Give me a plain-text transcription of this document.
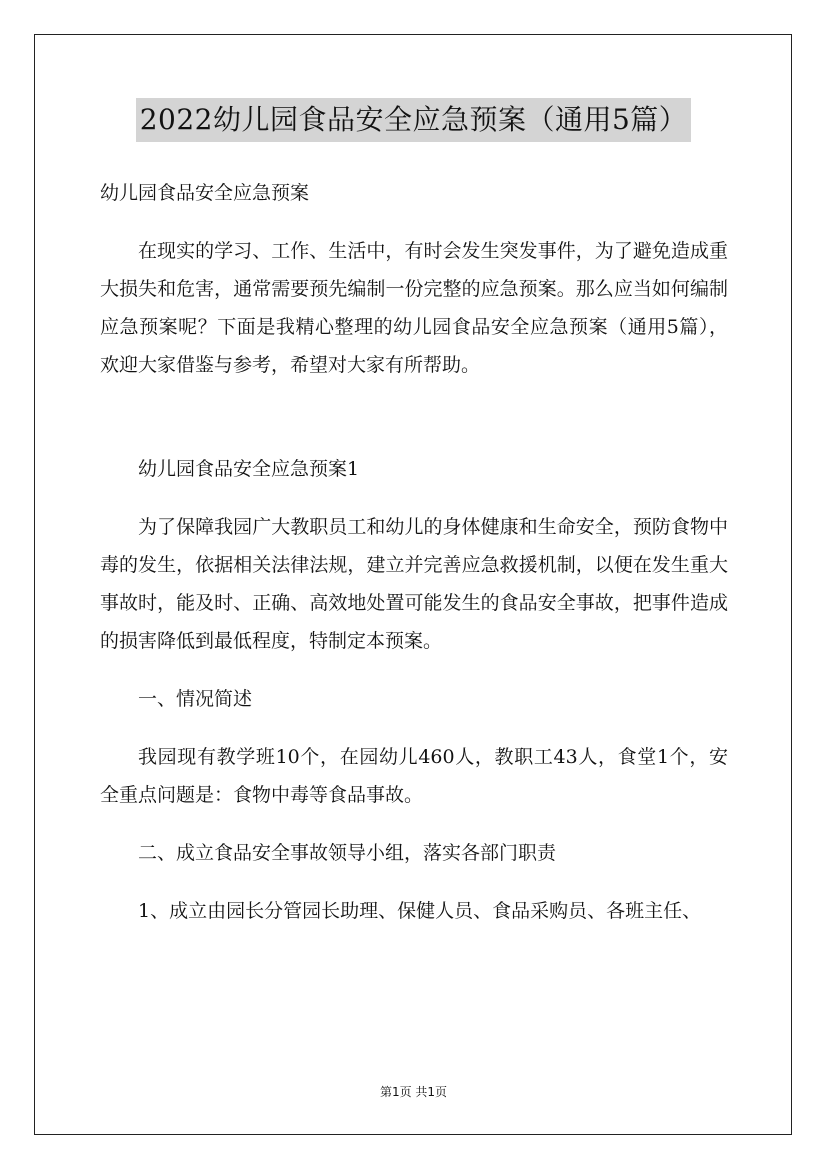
2022幼儿园食品安全应急预案（通用5篇）

幼儿园食品安全应急预案

在现实的学习、工作、生活中，有时会发生突发事件，为了避免造成重大损失和危害，通常需要预先编制一份完整的应急预案。那么应当如何编制应急预案呢？下面是我精心整理的幼儿园食品安全应急预案（通用5篇），欢迎大家借鉴与参考，希望对大家有所帮助。

幼儿园食品安全应急预案1

为了保障我园广大教职员工和幼儿的身体健康和生命安全，预防食物中毒的发生，依据相关法律法规，建立并完善应急救援机制，以便在发生重大事故时，能及时、正确、高效地处置可能发生的食品安全事故，把事件造成的损害降低到最低程度，特制定本预案。

一、情况简述

我园现有教学班10个，在园幼儿460人，教职工43人，食堂1个，安全重点问题是：食物中毒等食品事故。

二、成立食品安全事故领导小组，落实各部门职责

1、成立由园长分管园长助理、保健人员、食品采购员、各班主任、

第1页 共1页
